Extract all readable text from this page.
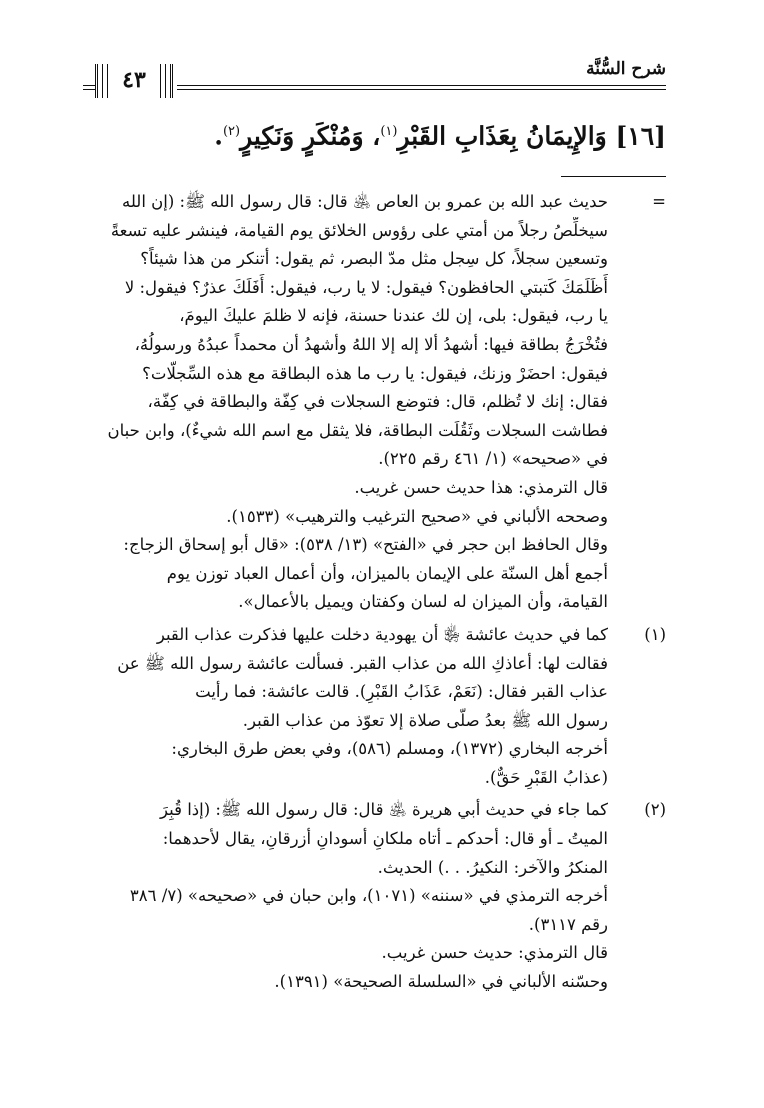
شرح السُّنَّة
٤٣
[١٦] وَالإِيمَانُ بِعَذَابِ القَبْرِ$^{(١)}$، وَمُنْكَرٍ وَنَكِيرٍ$^{(٢)}$.
=
حديث عبد الله بن عمرو بن العاص ﵁ قال: قال رسول الله ﷺ: (إن الله
سيخلِّصُ رجلاً من أمتي على رؤوس الخلائق يوم القيامة، فينشر عليه تسعةً
وتسعين سجلاً، كل سِجل مثل مدّ البصر، ثم يقول: أتنكر من هذا شيئاً؟
أَظَلَمَكَ كَتبتي الحافظون؟ فيقول: لا يا رب، فيقول: أَفَلَكَ عذرٌ؟ فيقول: لا
يا رب، فيقول: بلى، إن لك عندنا حسنة، فإنه لا ظلمَ عليكَ اليومَ،
فتُخْرَجُ بطاقة فيها: أشهدُ ألا إله إلا اللهُ وأشهدُ أن محمداً عبدُهُ ورسولُهُ،
فيقول: احضَرْ وزنك، فيقول: يا رب ما هذه البطاقة مع هذه السِّجلّات؟
فقال: إنك لا تُظلم، قال: فتوضع السجلات في كِفّة والبطاقة في كِفّة،
فطاشت السجلات وثَقُلَت البطاقة، فلا يثقل مع اسم الله شيءٌ)، وابن حبان
في «صحيحه» (١/ ٤٦١ رقم ٢٢٥).
قال الترمذي: هذا حديث حسن غريب.
وصححه الألباني في «صحيح الترغيب والترهيب» (١٥٣٣).
وقال الحافظ ابن حجر في «الفتح» (١٣/ ٥٣٨): «قال أبو إسحاق الزجاج:
أجمع أهل السنّة على الإيمان بالميزان، وأن أعمال العباد توزن يوم
القيامة، وأن الميزان له لسان وكفتان ويميل بالأعمال».
(١)
كما في حديث عائشة ﵂ أن يهودية دخلت عليها فذكرت عذاب القبر
فقالت لها: أعاذكِ الله من عذاب القبر. فسألت عائشة رسول الله ﷺ عن
عذاب القبر فقال: (نَعَمْ، عَذَابُ القَبْرِ). قالت عائشة: فما رأيت
رسول الله ﷺ بعدُ صلّى صلاة إلا تعوّذ من عذاب القبر.
أخرجه البخاري (١٣٧٢)، ومسلم (٥٨٦)، وفي بعض طرق البخاري:
(عذابُ القَبْرِ حَقٌّ).
(٢)
كما جاء في حديث أبي هريرة ﵁ قال: قال رسول الله ﷺ: (إذا قُبِرَ
الميتُ ـ أو قال: أحدكم ـ أتاه ملكانِ أسودانِ أزرقانِ، يقال لأحدهما:
المنكرُ والآخر: النكيرُ. . .) الحديث.
أخرجه الترمذي في «سننه» (١٠٧١)، وابن حبان في «صحيحه» (٧/ ٣٨٦
رقم ٣١١٧).
قال الترمذي: حديث حسن غريب.
وحسّنه الألباني في «السلسلة الصحيحة» (١٣٩١).
